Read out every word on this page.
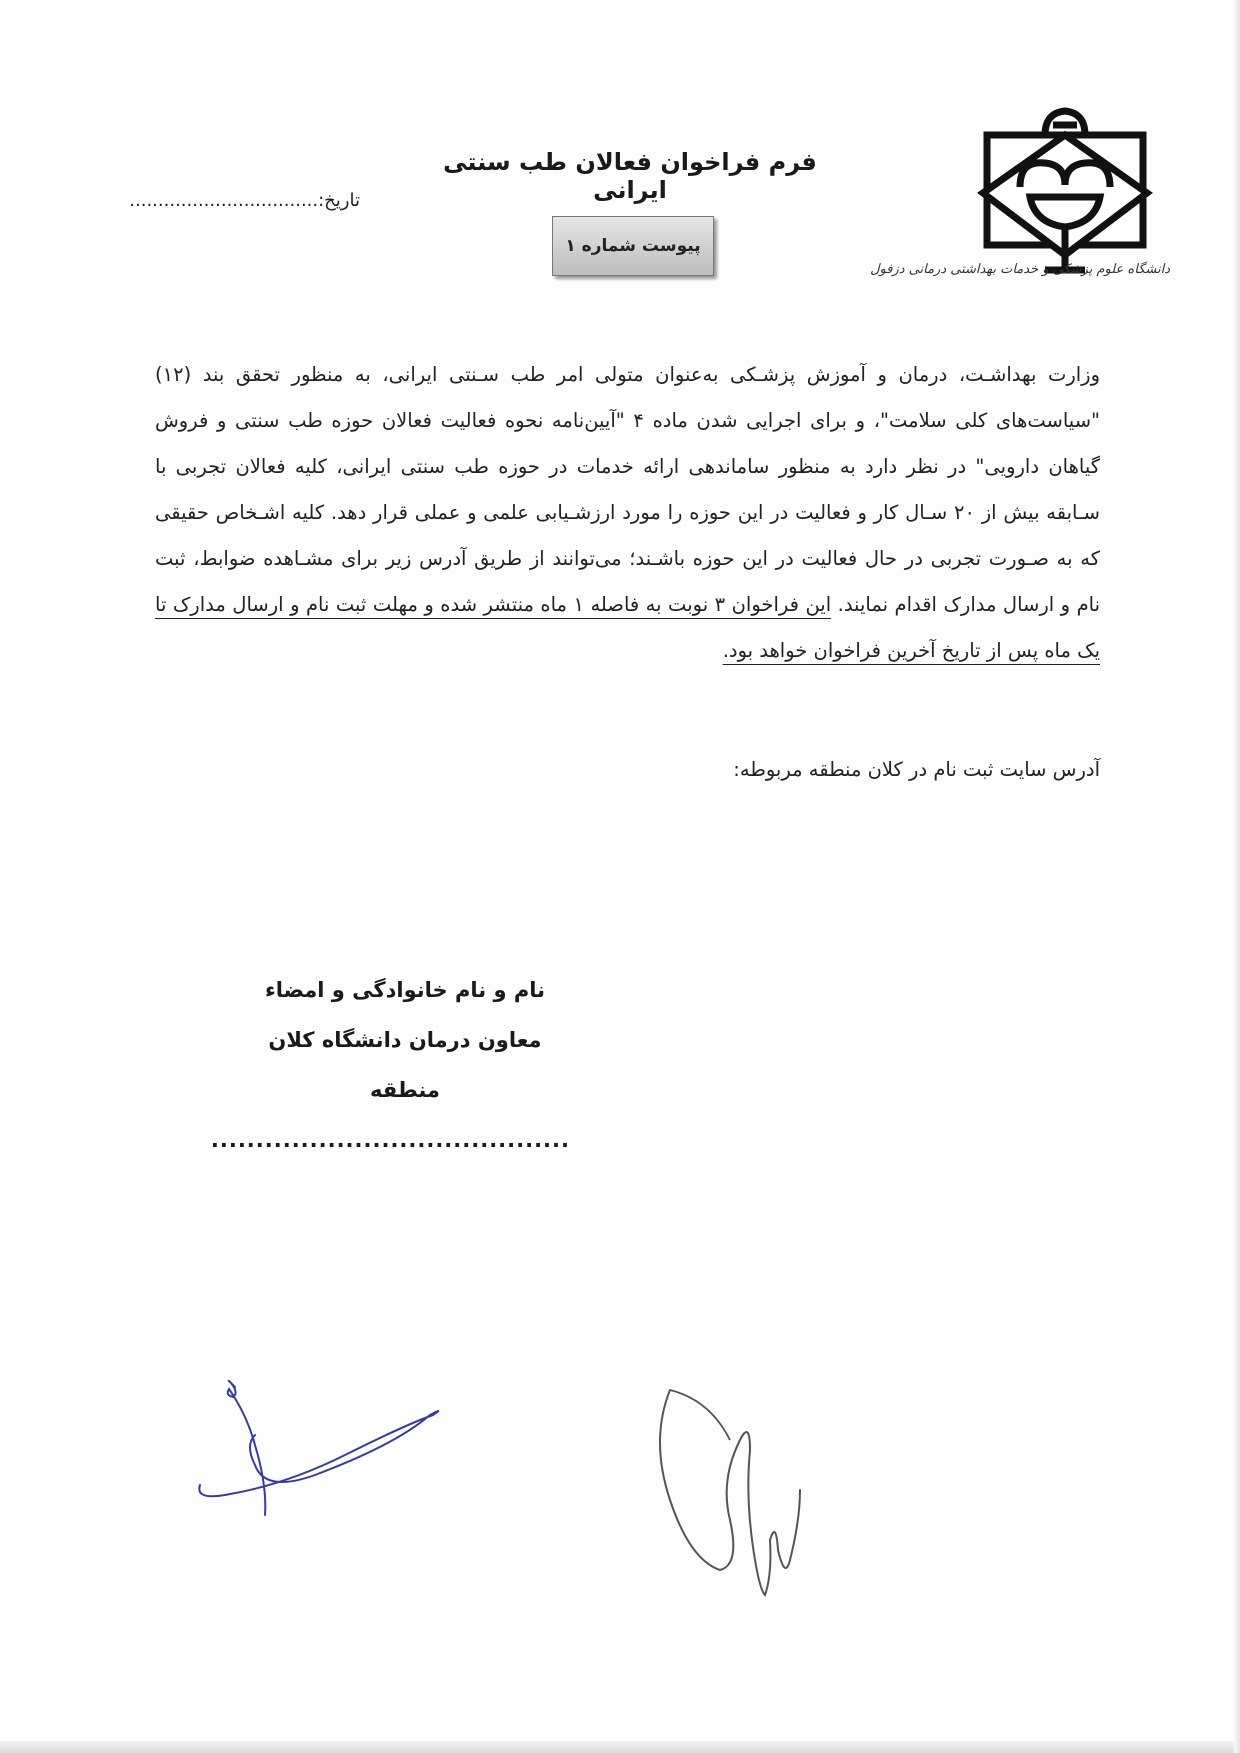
دانشگاه علوم پزشکی و خدمات بهداشتی درمانی دزفول
فرم فراخوان فعالان طب سنتی ایرانی
تاریخ:.................................
پیوست شماره ۱
وزارت بهداشـت، درمان و آموزش پزشـکی به‌عنوان متولی امر طب سـنتی ایرانی، به منظور تحقق بند (۱۲) "سیاست‌های کلی سلامت"، و برای اجرایی شدن ماده ۴ "آیین‌نامه نحوه فعالیت فعالان حوزه طب سنتی و فروش گیاهان دارویی" در نظر دارد به منظور ساماندهی ارائه خدمات در حوزه طب سنتی ایرانی، کلیه فعالان تجربی با سـابقه بیش از ۲۰ سـال کار و فعالیت در این حوزه را مورد ارزشـیابی علمی و عملی قرار دهد. کلیه اشـخاص حقیقی که به صـورت تجربی در حال فعالیت در این حوزه باشـند؛ می‌توانند از طریق آدرس زیر برای مشـاهده ضوابط، ثبت نام و ارسال مدارک اقدام نمایند. این فراخوان ۳ نوبت به فاصله ۱ ماه منتشر شده و مهلت ثبت نام و ارسال مدارک تا یک ماه پس از تاریخ آخرین فراخوان خواهد بود.
آدرس سایت ثبت نام در کلان منطقه مربوطه:
نام و نام خانوادگی و امضاء
معاون درمان دانشگاه کلان منطقه
........................................
